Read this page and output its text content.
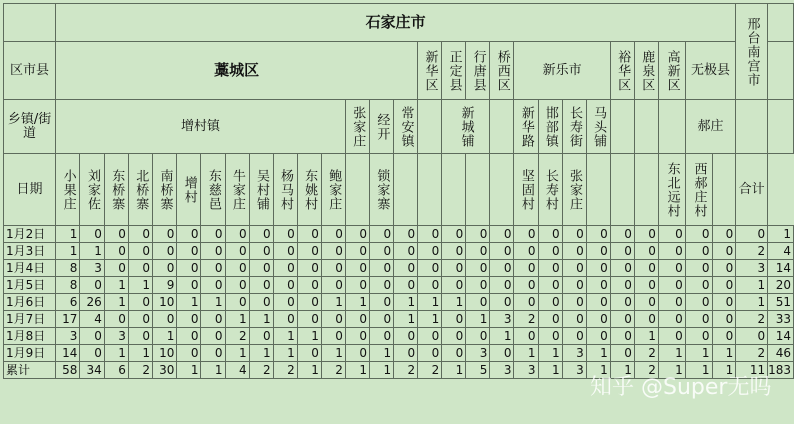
	石家庄市																												邢台南宫市	

区市县	藁城区															新华区	正定县	行唐县	桥西区	新乐市				裕华区	鹿泉区	高新区	无极县			
乡镇/街道	增村镇												张家庄	经开	常安镇		新城铺			新华路	邯部镇	长寿街	马头铺				郝庄			
日期	小果庄	刘家佐	东桥寨	北桥寨	南桥寨	增村	东慈邑	牛家庄	吴村铺	杨马村	东姚村	鲍家庄		锁家寨						坚固村	长寿村	张家庄				东北远村	西郝庄村		合计	
1月2日	1	0	0	0	0	0	0	0	0	0	0	0	0	0	0	0	0	0	0	0	0	0	0	0	0	0	0	0	0	1
1月3日	1	1	0	0	0	0	0	0	0	0	0	0	0	0	0	0	0	0	0	0	0	0	0	0	0	0	0	0	2	4
1月4日	8	3	0	0	0	0	0	0	0	0	0	0	0	0	0	0	0	0	0	0	0	0	0	0	0	0	0	0	3	14
1月5日	8	0	1	1	9	0	0	0	0	0	0	0	0	0	0	0	0	0	0	0	0	0	0	0	0	0	0	0	1	20
1月6日	6	26	1	0	10	1	1	0	0	0	0	1	1	0	1	1	1	0	0	0	0	0	0	0	0	0	0	0	1	51
1月7日	17	4	0	0	0	0	0	1	1	0	0	0	0	0	1	1	0	1	3	2	0	0	0	0	0	0	0	0	2	33
1月8日	3	0	3	0	1	0	0	2	0	1	1	0	0	0	0	0	0	0	1	0	0	0	0	0	1	0	0	0	0	14
1月9日	14	0	1	1	10	0	0	1	1	1	0	1	0	1	0	0	0	3	0	1	1	3	1	0	2	1	1	1	2	46
累计	58	34	6	2	30	1	1	4	2	2	1	2	1	1	2	2	1	5	3	3	1	3	1	1	2	1	1	1	11	183
知乎 @Super无吗
